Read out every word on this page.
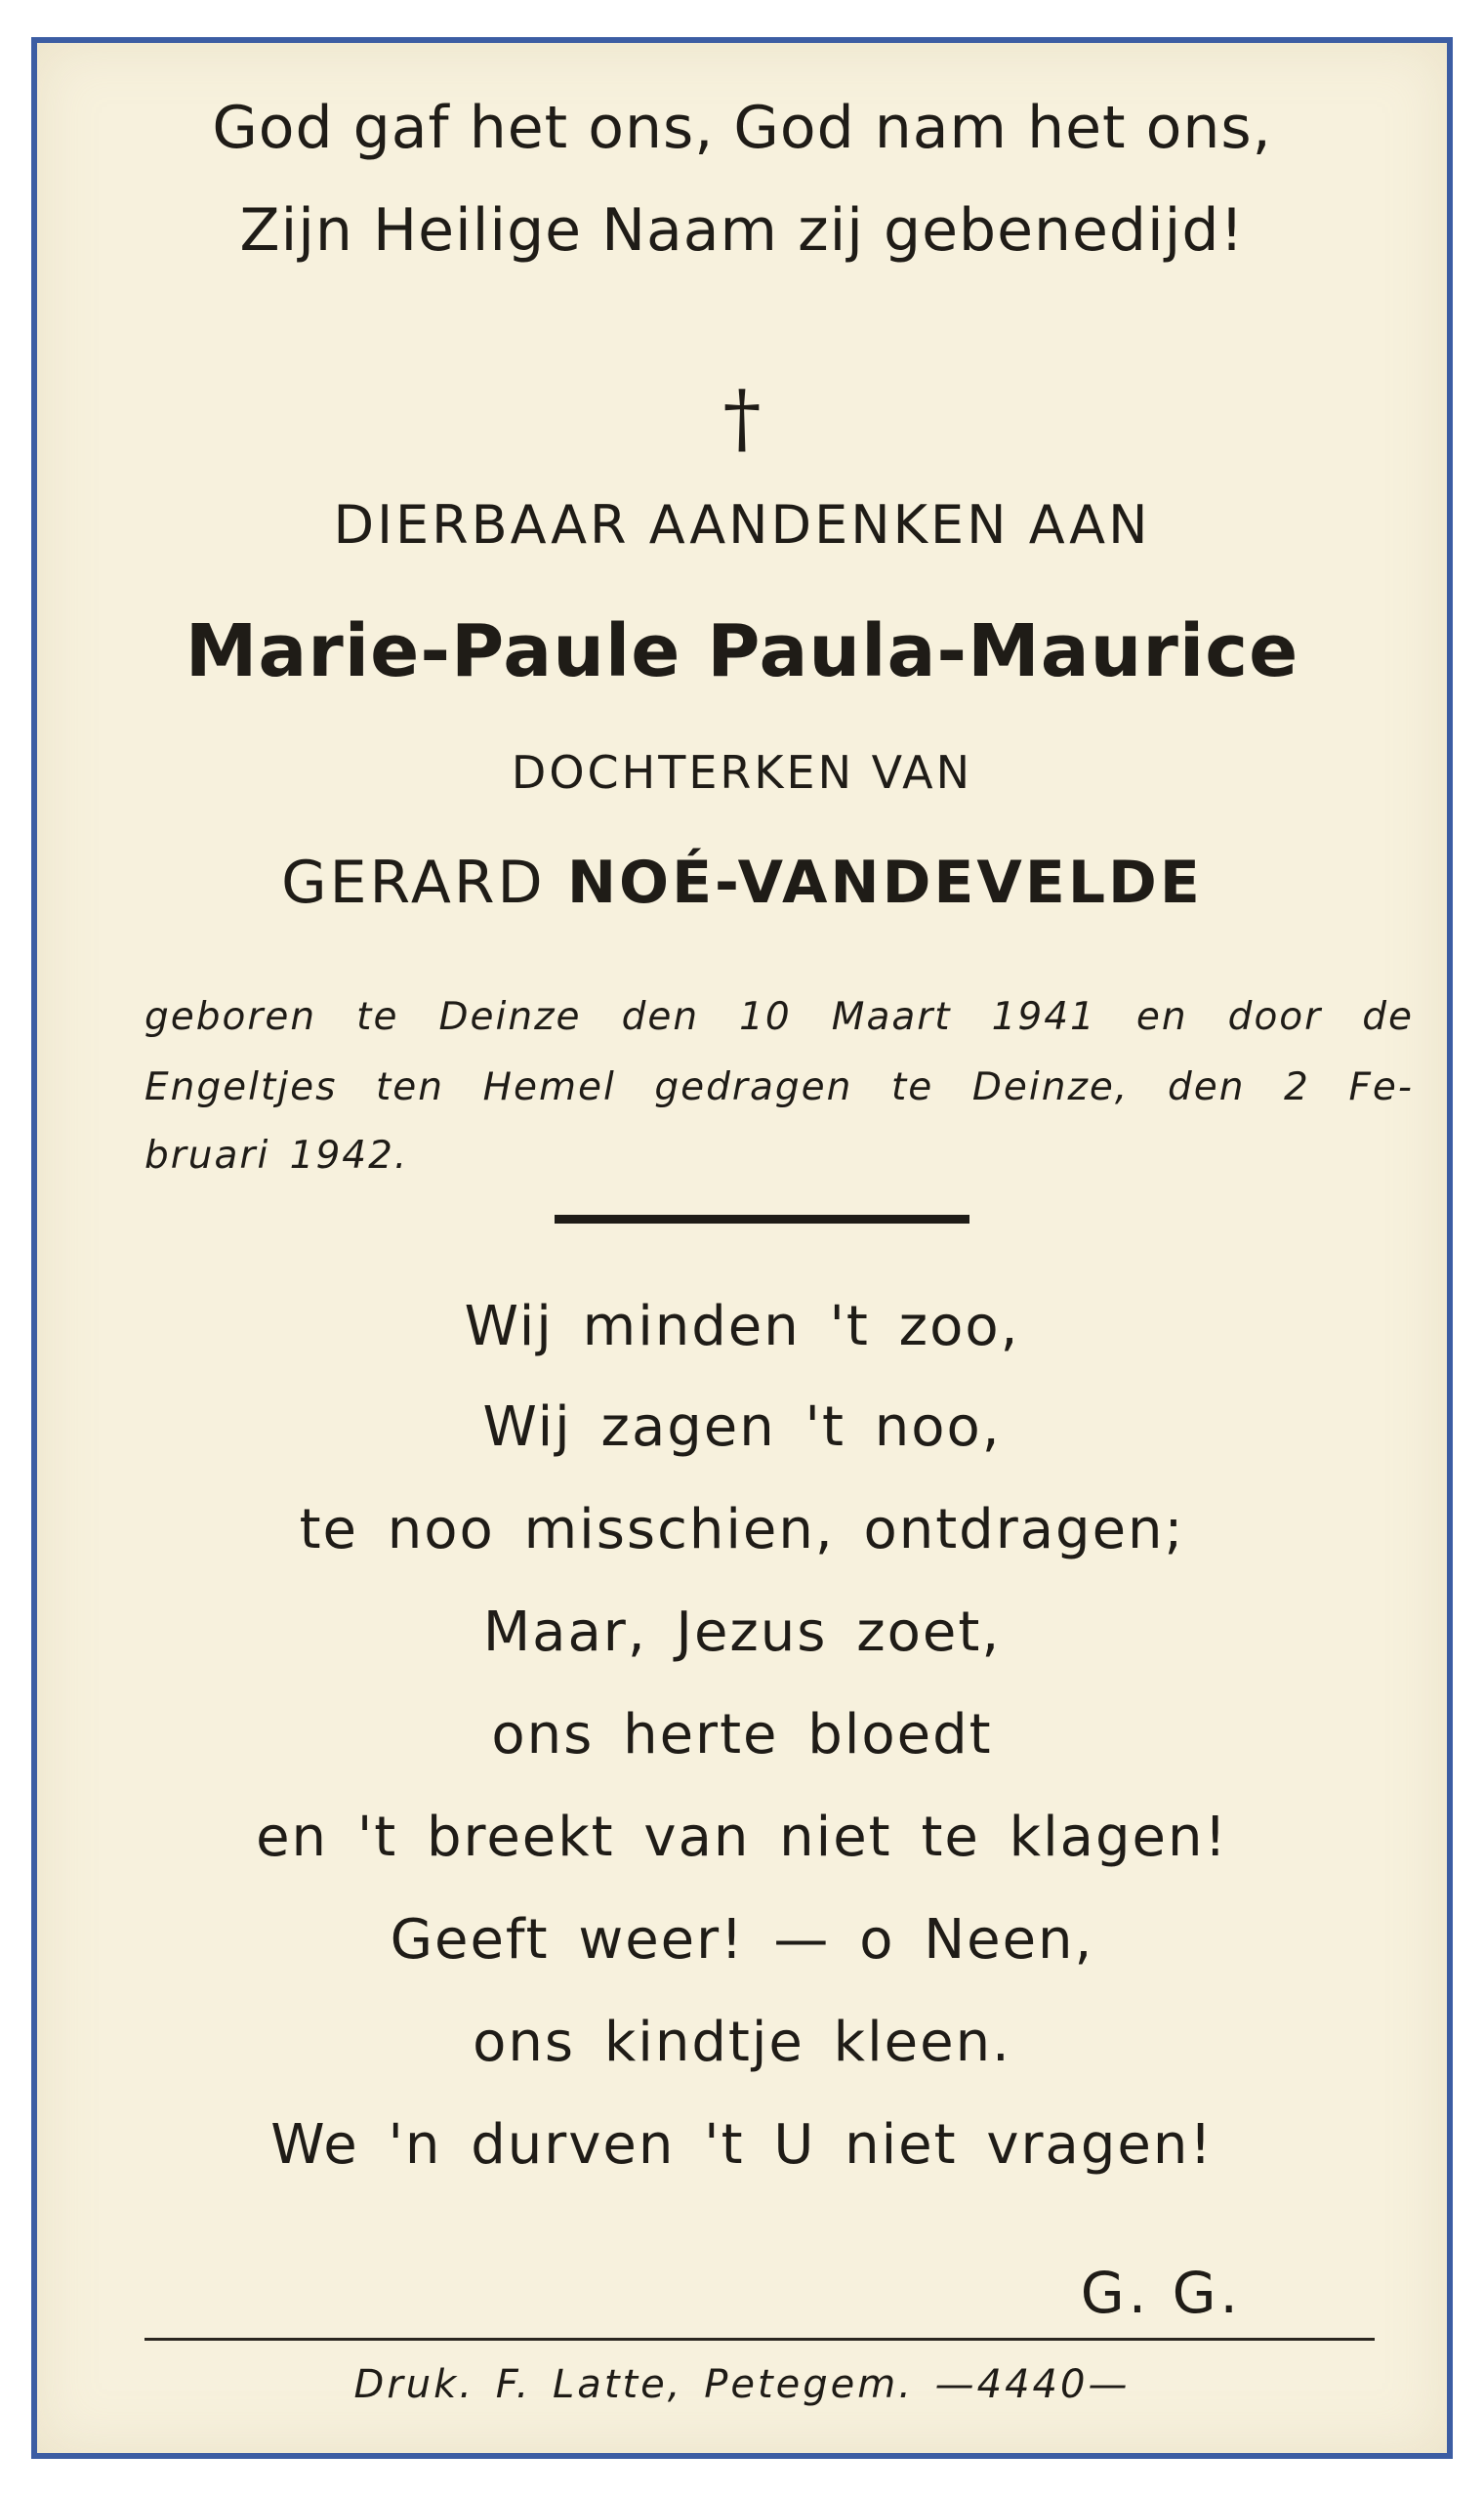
God gaf het ons, God nam het ons,
Zijn Heilige Naam zij gebenedijd!
†
DIERBAAR AANDENKEN AAN
Marie-Paule Paula-Maurice
DOCHTERKEN VAN
GERARD NOÉ-VANDEVELDE
geboren te Deinze den 10 Maart 1941 en door de
Engeltjes ten Hemel gedragen te Deinze, den 2 Fe-
bruari 1942.
Wij minden 't zoo,
Wij zagen 't noo,
te noo misschien, ontdragen;
Maar, Jezus zoet,
ons herte bloedt
en 't breekt van niet te klagen!
Geeft weer! — o Neen,
ons kindtje kleen.
We 'n durven 't U niet vragen!
G. G.
Druk. F. Latte, Petegem. —4440—
